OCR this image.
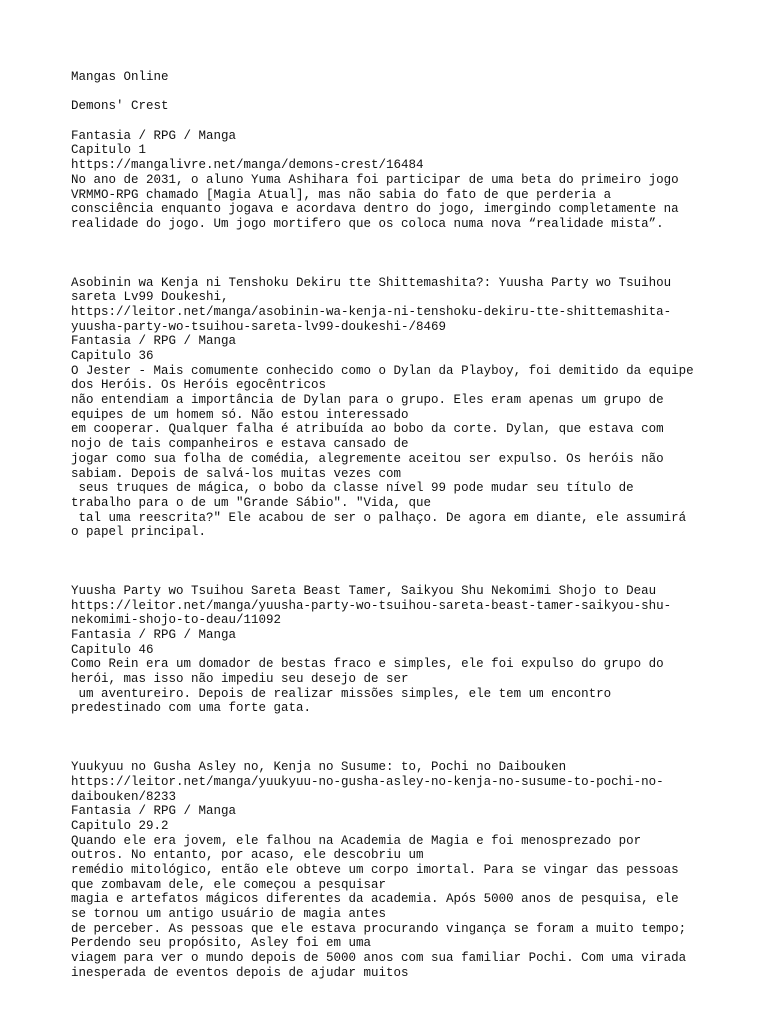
Mangas Online
Demons' Crest
Fantasia / RPG / Manga
Capitulo 1
https://mangalivre.net/manga/demons-crest/16484
No ano de 2031, o aluno Yuma Ashihara foi participar de uma beta do primeiro jogo
VRMMO-RPG chamado [Magia Atual], mas não sabia do fato de que perderia a
consciência enquanto jogava e acordava dentro do jogo, imergindo completamente na
realidade do jogo. Um jogo mortifero que os coloca numa nova “realidade mista”.
Asobinin wa Kenja ni Tenshoku Dekiru tte Shittemashita?: Yuusha Party wo Tsuihou
sareta Lv99 Doukeshi,
https://leitor.net/manga/asobinin-wa-kenja-ni-tenshoku-dekiru-tte-shittemashita-
yuusha-party-wo-tsuihou-sareta-lv99-doukeshi-/8469
Fantasia / RPG / Manga
Capitulo 36
O Jester - Mais comumente conhecido como o Dylan da Playboy, foi demitido da equipe
dos Heróis. Os Heróis egocêntricos
não entendiam a importância de Dylan para o grupo. Eles eram apenas um grupo de
equipes de um homem só. Não estou interessado
em cooperar. Qualquer falha é atribuída ao bobo da corte. Dylan, que estava com
nojo de tais companheiros e estava cansado de
jogar como sua folha de comédia, alegremente aceitou ser expulso. Os heróis não
sabiam. Depois de salvá-los muitas vezes com
seus truques de mágica, o bobo da classe nível 99 pode mudar seu título de
trabalho para o de um "Grande Sábio". "Vida, que
tal uma reescrita?" Ele acabou de ser o palhaço. De agora em diante, ele assumirá
o papel principal.
Yuusha Party wo Tsuihou Sareta Beast Tamer, Saikyou Shu Nekomimi Shojo to Deau
https://leitor.net/manga/yuusha-party-wo-tsuihou-sareta-beast-tamer-saikyou-shu-
nekomimi-shojo-to-deau/11092
Fantasia / RPG / Manga
Capitulo 46
Como Rein era um domador de bestas fraco e simples, ele foi expulso do grupo do
herói, mas isso não impediu seu desejo de ser
um aventureiro. Depois de realizar missões simples, ele tem um encontro
predestinado com uma forte gata.
Yuukyuu no Gusha Asley no, Kenja no Susume: to, Pochi no Daibouken
https://leitor.net/manga/yuukyuu-no-gusha-asley-no-kenja-no-susume-to-pochi-no-
daibouken/8233
Fantasia / RPG / Manga
Capitulo 29.2
Quando ele era jovem, ele falhou na Academia de Magia e foi menosprezado por
outros. No entanto, por acaso, ele descobriu um
remédio mitológico, então ele obteve um corpo imortal. Para se vingar das pessoas
que zombavam dele, ele começou a pesquisar
magia e artefatos mágicos diferentes da academia. Após 5000 anos de pesquisa, ele
se tornou um antigo usuário de magia antes
de perceber. As pessoas que ele estava procurando vingança se foram a muito tempo;
Perdendo seu propósito, Asley foi em uma
viagem para ver o mundo depois de 5000 anos com sua familiar Pochi. Com uma virada
inesperada de eventos depois de ajudar muitos
